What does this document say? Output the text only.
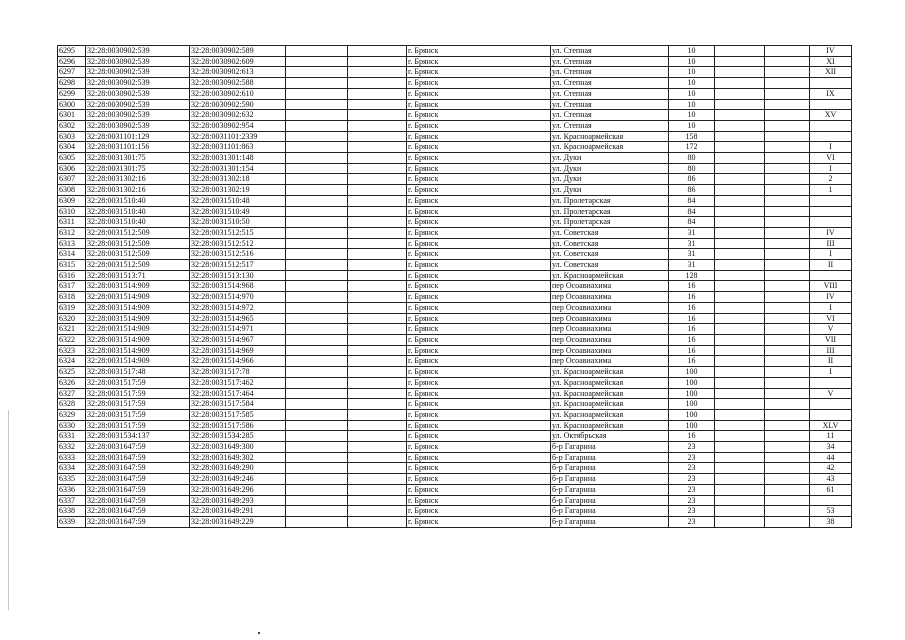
6295	32:28:0030902:539	32:28:0030902:589			г. Брянск	ул. Степная	10			IV
6296	32:28:0030902:539	32:28:0030902:609			г. Брянск	ул. Степная	10			XI
6297	32:28:0030902:539	32:28:0030902:613			г. Брянск	ул. Степная	10			XII
6298	32:28:0030902:539	32:28:0030902:588			г. Брянск	ул. Степная	10			
6299	32:28:0030902:539	32:28:0030902:610			г. Брянск	ул. Степная	10			IX
6300	32:28:0030902:539	32:28:0030902:590			г. Брянск	ул. Степная	10			
6301	32:28:0030902:539	32:28:0030902:632			г. Брянск	ул. Степная	10			XV
6302	32:28:0030902:539	32:28:0030902:954			г. Брянск	ул. Степная	10			
6303	32:28:0031101:129	32:28:0031101:2339			г. Брянск	ул. Красноармейская	158			
6304	32:28:0031101:156	32:28:0031101:863			г. Брянск	ул. Красноармейская	172			I
6305	32:28:0031301:75	32:28:0031301:148			г. Брянск	ул. Дуки	80			VI
6306	32:28:0031301:75	32:28:0031301:154			г. Брянск	ул. Дуки	80			I
6307	32:28:0031302:16	32:28:0031302:18			г. Брянск	ул. Дуки	86			2
6308	32:28:0031302:16	32:28:0031302:19			г. Брянск	ул. Дуки	86			1
6309	32:28:0031510:40	32:28:0031510:48			г. Брянск	ул. Пролетарская	84			
6310	32:28:0031510:40	32:28:0031510:49			г. Брянск	ул. Пролетарская	84			
6311	32:28:0031510:40	32:28:0031510:50			г. Брянск	ул. Пролетарская	84			
6312	32:28:0031512:509	32:28:0031512:515			г. Брянск	ул. Советская	31			IV
6313	32:28:0031512:509	32:28:0031512:512			г. Брянск	ул. Советская	31			III
6314	32:28:0031512:509	32:28:0031512:516			г. Брянск	ул. Советская	31			I
6315	32:28:0031512:509	32:28:0031512:517			г. Брянск	ул. Советская	31			II
6316	32:28:0031513:71	32:28:0031513:130			г. Брянск	ул. Красноармейская	128			
6317	32:28:0031514:909	32:28:0031514:968			г. Брянск	пер Осоавиахима	16			VIII
6318	32:28:0031514:909	32:28:0031514:970			г. Брянск	пер Осоавиахима	16			IV
6319	32:28:0031514:909	32:28:0031514:972			г. Брянск	пер Осоавиахима	16			I
6320	32:28:0031514:909	32:28:0031514:965			г. Брянск	пер Осоавиахима	16			VI
6321	32:28:0031514:909	32:28:0031514:971			г. Брянск	пер Осоавиахима	16			V
6322	32:28:0031514:909	32:28:0031514:967			г. Брянск	пер Осоавиахима	16			VII
6323	32:28:0031514:909	32:28:0031514:969			г. Брянск	пер Осоавиахима	16			III
6324	32:28:0031514:909	32:28:0031514:966			г. Брянск	пер Осоавиахима	16			II
6325	32:28:0031517:48	32:28:0031517:78			г. Брянск	ул. Красноармейская	100			I
6326	32:28:0031517:59	32:28:0031517:462			г. Брянск	ул. Красноармейская	100			
6327	32:28:0031517:59	32:28:0031517:464			г. Брянск	ул. Красноармейская	100			V
6328	32:28:0031517:59	32:28:0031517:584			г. Брянск	ул. Красноармейская	100			
6329	32:28:0031517:59	32:28:0031517:585			г. Брянск	ул. Красноармейская	100			
6330	32:28:0031517:59	32:28:0031517:586			г. Брянск	ул. Красноармейская	100			XLV
6331	32:28:0031534:137	32:28:0031534:285			г. Брянск	ул. Октябрьская	16			11
6332	32:28:0031647:59	32:28:0031649:300			г. Брянск	б-р Гагарина	23			34
6333	32:28:0031647:59	32:28:0031649:302			г. Брянск	б-р Гагарина	23			44
6334	32:28:0031647:59	32:28:0031649:290			г. Брянск	б-р Гагарина	23			42
6335	32:28:0031647:59	32:28:0031649:246			г. Брянск	б-р Гагарина	23			43
6336	32:28:0031647:59	32:28:0031649:296			г. Брянск	б-р Гагарина	23			61
6337	32:28:0031647:59	32:28:0031649:293			г. Брянск	б-р Гагарина	23			
6338	32:28:0031647:59	32:28:0031649:291			г. Брянск	б-р Гагарина	23			53
6339	32:28:0031647:59	32:28:0031649:229			г. Брянск	б-р Гагарина	23			38
